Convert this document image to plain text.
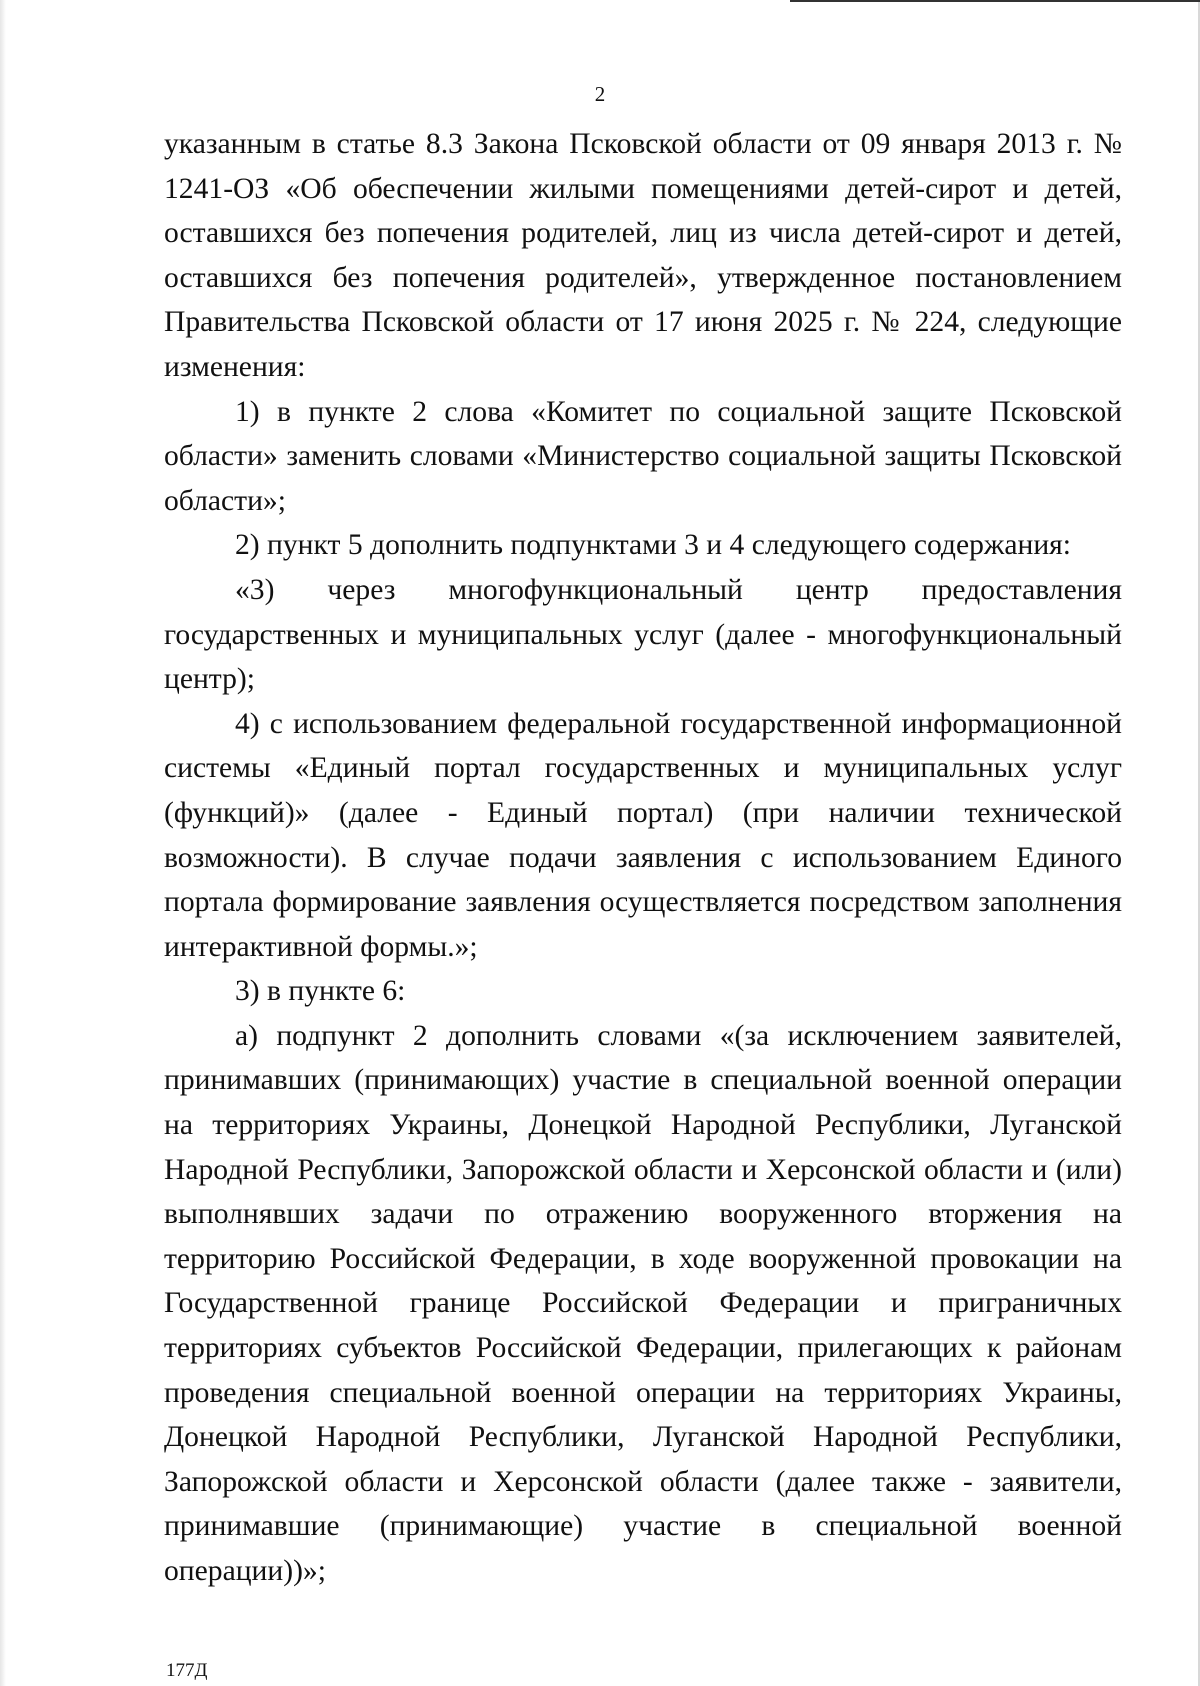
2

указанным в статье 8.3 Закона Псковской области от 09 января 2013 г. № 1241-ОЗ «Об обеспечении жилыми помещениями детей-сирот и детей, оставшихся без попечения родителей, лиц из числа детей-сирот и детей, оставшихся без попечения родителей», утвержденное постановлением Правительства Псковской области от 17 июня 2025 г. № 224, следующие изменения:

1) в пункте 2 слова «Комитет по социальной защите Псковской области» заменить словами «Министерство социальной защиты Псковской области»;

2) пункт 5 дополнить подпунктами 3 и 4 следующего содержания:

«3) через многофункциональный центр предоставления государственных и муниципальных услуг (далее - многофункциональный центр);

4) с использованием федеральной государственной информационной системы «Единый портал государственных и муниципальных услуг (функций)» (далее - Единый портал) (при наличии технической возможности). В случае подачи заявления с использованием Единого портала формирование заявления осуществляется посредством заполнения интерактивной формы.»;

3) в пункте 6:

а) подпункт 2 дополнить словами «(за исключением заявителей, принимавших (принимающих) участие в специальной военной операции на территориях Украины, Донецкой Народной Республики, Луганской Народной Республики, Запорожской области и Херсонской области и (или) выполнявших задачи по отражению вооруженного вторжения на территорию Российской Федерации, в ходе вооруженной провокации на Государственной границе Российской Федерации и приграничных территориях субъектов Российской Федерации, прилегающих к районам проведения специальной военной операции на территориях Украины, Донецкой Народной Республики, Луганской Народной Республики, Запорожской области и Херсонской области (далее также - заявители, принимавшие (принимающие) участие в специальной военной операции))»;

177Д
